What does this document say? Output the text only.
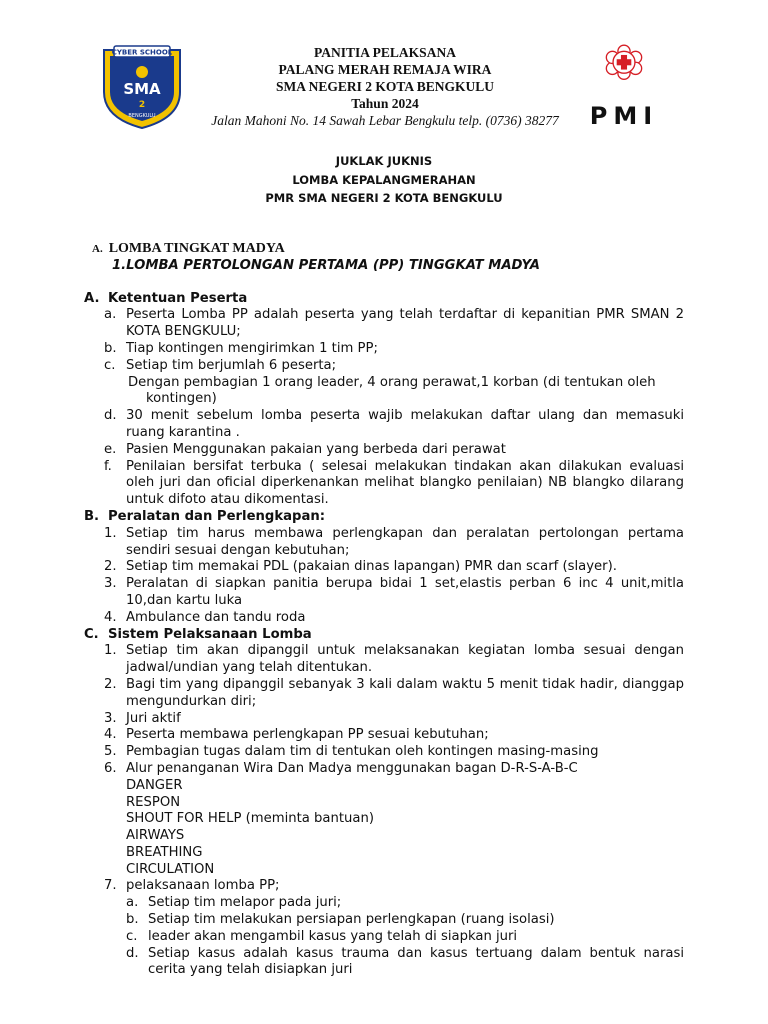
CYBER SCHOOL
SMA
2
BENGKULU
PANITIA PELAKSANA
PALANG MERAH REMAJA WIRA
SMA NEGERI 2 KOTA BENGKULU
Tahun 2024
Jalan Mahoni No. 14 Sawah Lebar Bengkulu telp. (0736) 38277	PMI
JUKLAK JUKNIS
LOMBA KEPALANGMERAHAN
PMR SMA NEGERI 2 KOTA BENGKULU
A. LOMBA TINGKAT MADYA
1.LOMBA PERTOLONGAN PERTAMA (PP) TINGGKAT MADYA
A. Ketentuan Peserta
a. Peserta Lomba PP adalah peserta yang telah terdaftar di kepanitian PMR SMAN 2 KOTA BENGKULU;
b. Tiap kontingen mengirimkan 1 tim PP;
c. Setiap tim berjumlah 6 peserta;
Dengan pembagian 1 orang leader, 4 orang perawat,1 korban (di tentukan oleh
kontingen)
d. 30 menit sebelum lomba peserta wajib melakukan daftar ulang dan memasuki ruang karantina .
e. Pasien Menggunakan pakaian yang berbeda dari perawat
f.	Penilaian bersifat terbuka ( selesai melakukan tindakan akan dilakukan evaluasi oleh juri dan oficial diperkenankan melihat blangko penilaian) NB blangko dilarang untuk difoto atau dikomentasi.
B. Peralatan dan Perlengkapan:
1. Setiap tim harus membawa perlengkapan dan peralatan pertolongan pertama sendiri sesuai dengan kebutuhan;
2. Setiap tim memakai PDL (pakaian dinas lapangan) PMR dan scarf (slayer).
3. Peralatan di siapkan panitia berupa bidai 1 set,elastis perban 6 inc 4 unit,mitla 10,dan kartu luka
4. Ambulance dan tandu roda
C. Sistem Pelaksanaan Lomba
1. Setiap tim akan dipanggil untuk melaksanakan kegiatan lomba sesuai dengan jadwal/undian yang telah ditentukan.
2. Bagi tim yang dipanggil sebanyak 3 kali dalam waktu 5 menit tidak hadir, dianggap mengundurkan diri;
3. Juri aktif
4. Peserta membawa perlengkapan PP sesuai kebutuhan;
5. Pembagian tugas dalam tim di tentukan oleh kontingen masing-masing
6. Alur penanganan Wira Dan Madya menggunakan bagan D-R-S-A-B-C
DANGER
RESPON
SHOUT FOR HELP (meminta bantuan)
AIRWAYS
BREATHING
CIRCULATION
7. pelaksanaan lomba PP;
a. Setiap tim melapor pada juri;
b. Setiap tim melakukan persiapan perlengkapan (ruang isolasi)
c. leader akan mengambil kasus yang telah di siapkan juri
d. Setiap kasus adalah kasus trauma dan kasus tertuang dalam bentuk narasi cerita yang telah disiapkan juri
